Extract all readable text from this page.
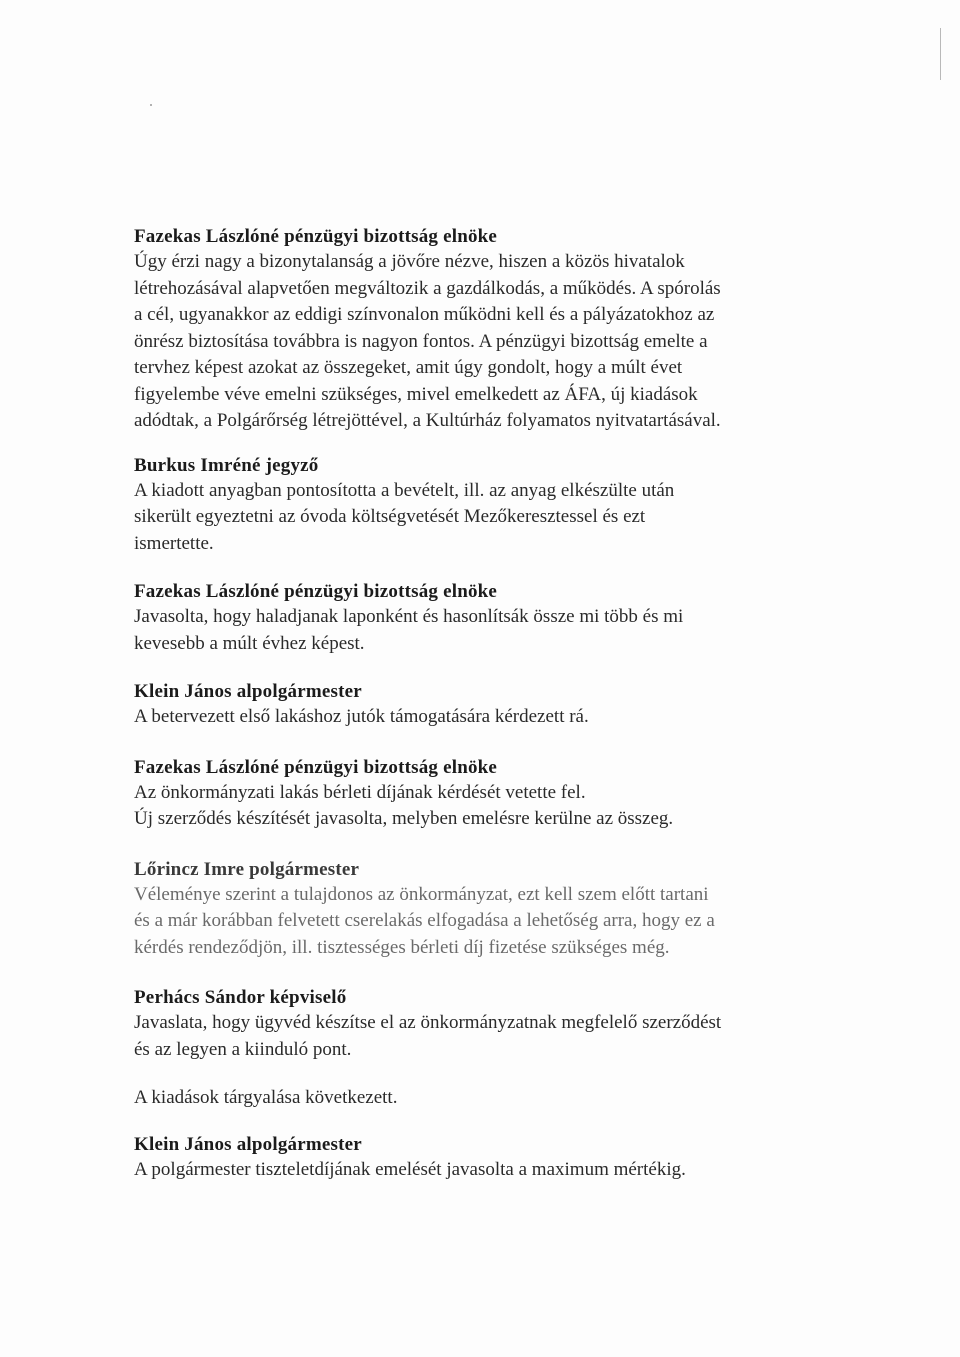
Fazekas Lászlóné pénzügyi bizottság elnöke
Úgy érzi nagy a bizonytalanság a jövőre nézve, hiszen a közös hivatalok
létrehozásával alapvetően megváltozik a gazdálkodás, a működés. A spórolás
a cél, ugyanakkor az eddigi színvonalon működni kell és a pályázatokhoz az
önrész biztosítása továbbra is nagyon fontos. A pénzügyi bizottság emelte a
tervhez képest azokat az összegeket, amit úgy gondolt, hogy a múlt évet
figyelembe véve emelni szükséges, mivel emelkedett az ÁFA, új kiadások
adódtak, a Polgárőrség létrejöttével, a Kultúrház folyamatos nyitvatartásával.
Burkus Imréné jegyző
A kiadott anyagban pontosította a bevételt, ill. az anyag elkészülte után
sikerült egyeztetni az óvoda költségvetését Mezőkeresztessel és ezt
ismertette.
Fazekas Lászlóné pénzügyi bizottság elnöke
Javasolta, hogy haladjanak laponként és hasonlítsák össze mi több és mi
kevesebb a múlt évhez képest.
Klein János alpolgármester
A betervezett első lakáshoz jutók támogatására kérdezett rá.
Fazekas Lászlóné pénzügyi bizottság elnöke
Az önkormányzati lakás bérleti díjának kérdését vetette fel.
Új szerződés készítését javasolta, melyben emelésre kerülne az összeg.
Lőrincz Imre polgármester
Véleménye szerint a tulajdonos az önkormányzat, ezt kell szem előtt tartani
és a már korábban felvetett cserelakás elfogadása a lehetőség arra, hogy ez a
kérdés rendeződjön, ill. tisztességes bérleti díj fizetése szükséges még.
Perhács Sándor képviselő
Javaslata, hogy ügyvéd készítse el az önkormányzatnak megfelelő szerződést
és az legyen a kiinduló pont.
A kiadások tárgyalása következett.
Klein János alpolgármester
A polgármester tiszteletdíjának emelését javasolta a maximum mértékig.
